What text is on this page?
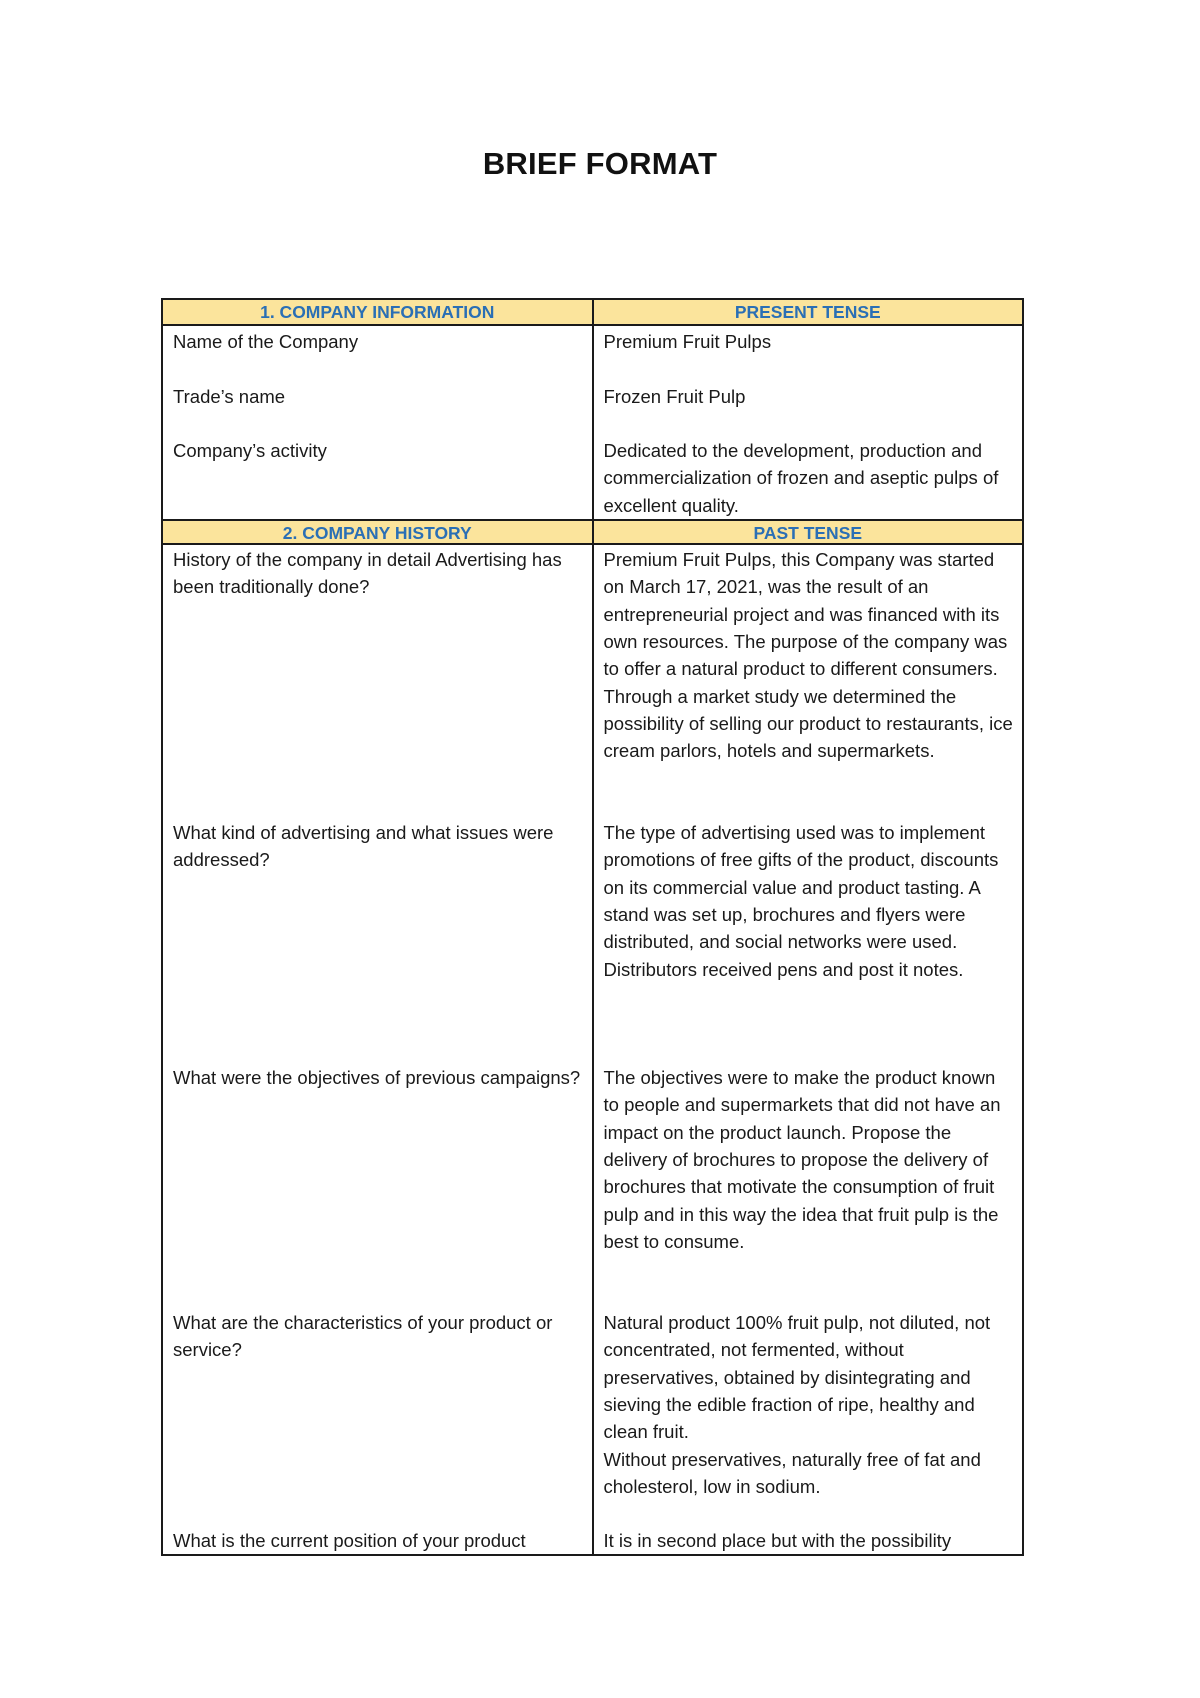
BRIEF FORMAT
1. COMPANY INFORMATION	PRESENT TENSE

Name of the Company

Trade’s name

Company’s activity

Premium Fruit Pulps

Frozen Fruit Pulp

Dedicated to the development, production and commercialization of frozen and aseptic pulps of excellent quality.

2. COMPANY HISTORY	PAST TENSE

History of the company in detail Advertising has been traditionally done?

What kind of advertising and what issues were addressed?

What were the objectives of previous campaigns?

What are the characteristics of your product or service?

What is the current position of your product

Premium Fruit Pulps, this Company was started on March 17, 2021, was the result of an entrepreneurial project and was financed with its own resources. The purpose of the company was to offer a natural product to different consumers. Through a market study we determined the possibility of selling our product to restaurants, ice cream parlors, hotels and supermarkets.

The type of advertising used was to implement promotions of free gifts of the product, discounts on its commercial value and product tasting. A stand was set up, brochures and flyers were distributed, and social networks were used. Distributors received pens and post it notes.

The objectives were to make the product known to people and supermarkets that did not have an impact on the product launch. Propose the delivery of brochures to propose the delivery of brochures that motivate the consumption of fruit pulp and in this way the idea that fruit pulp is the best to consume.

Natural product 100% fruit pulp, not diluted, not concentrated, not fermented, without preservatives, obtained by disintegrating and sieving the edible fraction of ripe, healthy and clean fruit.

Without preservatives, naturally free of fat and cholesterol, low in sodium.

It is in second place but with the possibility
